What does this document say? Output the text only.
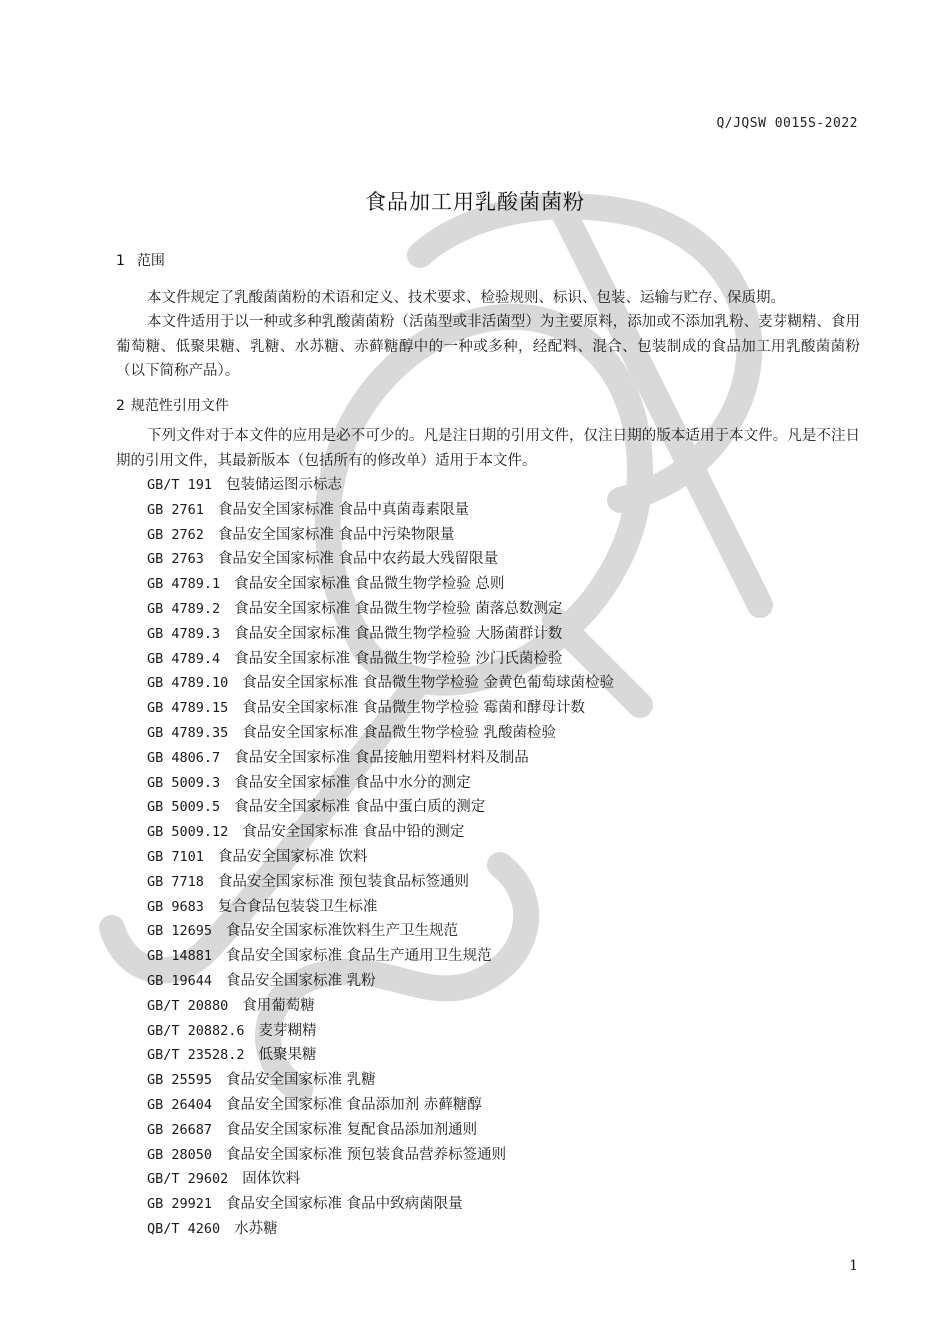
Q/JQSW 0015S-2022
食品加工用乳酸菌菌粉
1 范围

本文件规定了乳酸菌菌粉的术语和定义、技术要求、检验规则、标识、包装、运输与贮存、保质期。

本文件适用于以一种或多种乳酸菌菌粉（活菌型或非活菌型）为主要原料，添加或不添加乳粉、麦芽糊精、食用葡萄糖、低聚果糖、乳糖、水苏糖、赤藓糖醇中的一种或多种，经配料、混合、包装制成的食品加工用乳酸菌菌粉（以下简称产品）。

2 规范性引用文件

下列文件对于本文件的应用是必不可少的。凡是注日期的引用文件，仅注日期的版本适用于本文件。凡是不注日期的引用文件，其最新版本（包括所有的修改单）适用于本文件。

GB/T 191 包装储运图示标志
GB 2761 食品安全国家标准 食品中真菌毒素限量
GB 2762 食品安全国家标准 食品中污染物限量
GB 2763 食品安全国家标准 食品中农药最大残留限量
GB 4789.1 食品安全国家标准 食品微生物学检验 总则
GB 4789.2 食品安全国家标准 食品微生物学检验 菌落总数测定
GB 4789.3 食品安全国家标准 食品微生物学检验 大肠菌群计数
GB 4789.4 食品安全国家标准 食品微生物学检验 沙门氏菌检验
GB 4789.10 食品安全国家标准 食品微生物学检验 金黄色葡萄球菌检验
GB 4789.15 食品安全国家标准 食品微生物学检验 霉菌和酵母计数
GB 4789.35 食品安全国家标准 食品微生物学检验 乳酸菌检验
GB 4806.7 食品安全国家标准 食品接触用塑料材料及制品
GB 5009.3 食品安全国家标准 食品中水分的测定
GB 5009.5 食品安全国家标准 食品中蛋白质的测定
GB 5009.12 食品安全国家标准 食品中铅的测定
GB 7101 食品安全国家标准 饮料
GB 7718 食品安全国家标准 预包装食品标签通则
GB 9683 复合食品包装袋卫生标准
GB 12695 食品安全国家标准饮料生产卫生规范
GB 14881 食品安全国家标准 食品生产通用卫生规范
GB 19644 食品安全国家标准 乳粉
GB/T 20880 食用葡萄糖
GB/T 20882.6 麦芽糊精
GB/T 23528.2 低聚果糖
GB 25595 食品安全国家标准 乳糖
GB 26404 食品安全国家标准 食品添加剂 赤藓糖醇
GB 26687 食品安全国家标准 复配食品添加剂通则
GB 28050 食品安全国家标准 预包装食品营养标签通则
GB/T 29602 固体饮料
GB 29921 食品安全国家标准 食品中致病菌限量
QB/T 4260 水苏糖
1
